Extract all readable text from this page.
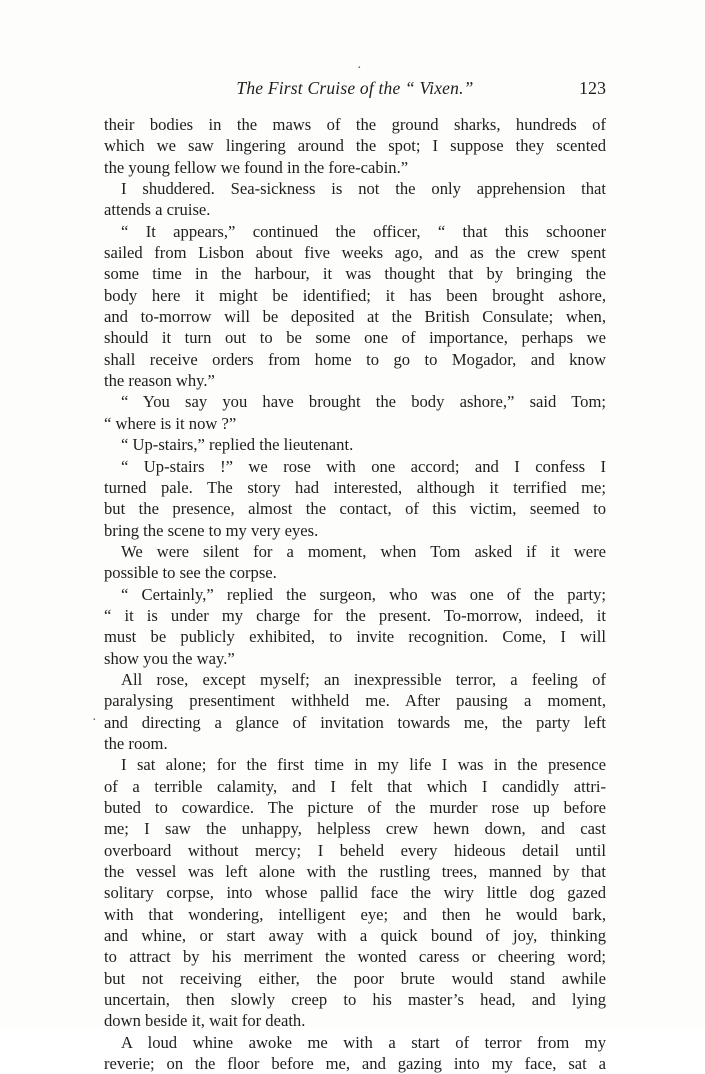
The First Cruise of the “ Vixen.”	123
·
·
their bodies in the maws of the ground sharks, hundreds of
which we saw lingering around the spot; I suppose they scented
the young fellow we found in the fore-cabin.”
I shuddered. Sea-sickness is not the only apprehension that
attends a cruise.
“ It appears,” continued the officer, “ that this schooner
sailed from Lisbon about five weeks ago, and as the crew spent
some time in the harbour, it was thought that by bringing the
body here it might be identified; it has been brought ashore,
and to-morrow will be deposited at the British Consulate; when,
should it turn out to be some one of importance, perhaps we
shall receive orders from home to go to Mogador, and know
the reason why.”
“ You say you have brought the body ashore,” said Tom;
“ where is it now ?”
“ Up-stairs,” replied the lieutenant.
“ Up-stairs !” we rose with one accord; and I confess I
turned pale. The story had interested, although it terrified me;
but the presence, almost the contact, of this victim, seemed to
bring the scene to my very eyes.
We were silent for a moment, when Tom asked if it were
possible to see the corpse.
“ Certainly,” replied the surgeon, who was one of the party;
“ it is under my charge for the present. To-morrow, indeed, it
must be publicly exhibited, to invite recognition. Come, I will
show you the way.”
All rose, except myself; an inexpressible terror, a feeling of
paralysing presentiment withheld me. After pausing a moment,
and directing a glance of invitation towards me, the party left
the room.
I sat alone; for the first time in my life I was in the presence
of a terrible calamity, and I felt that which I candidly attri-
buted to cowardice. The picture of the murder rose up before
me; I saw the unhappy, helpless crew hewn down, and cast
overboard without mercy; I beheld every hideous detail until
the vessel was left alone with the rustling trees, manned by that
solitary corpse, into whose pallid face the wiry little dog gazed
with that wondering, intelligent eye; and then he would bark,
and whine, or start away with a quick bound of joy, thinking
to attract by his merriment the wonted caress or cheering word;
but not receiving either, the poor brute would stand awhile
uncertain, then slowly creep to his master’s head, and lying
down beside it, wait for death.
A loud whine awoke me with a start of terror from my
reverie; on the floor before me, and gazing into my face, sat a
